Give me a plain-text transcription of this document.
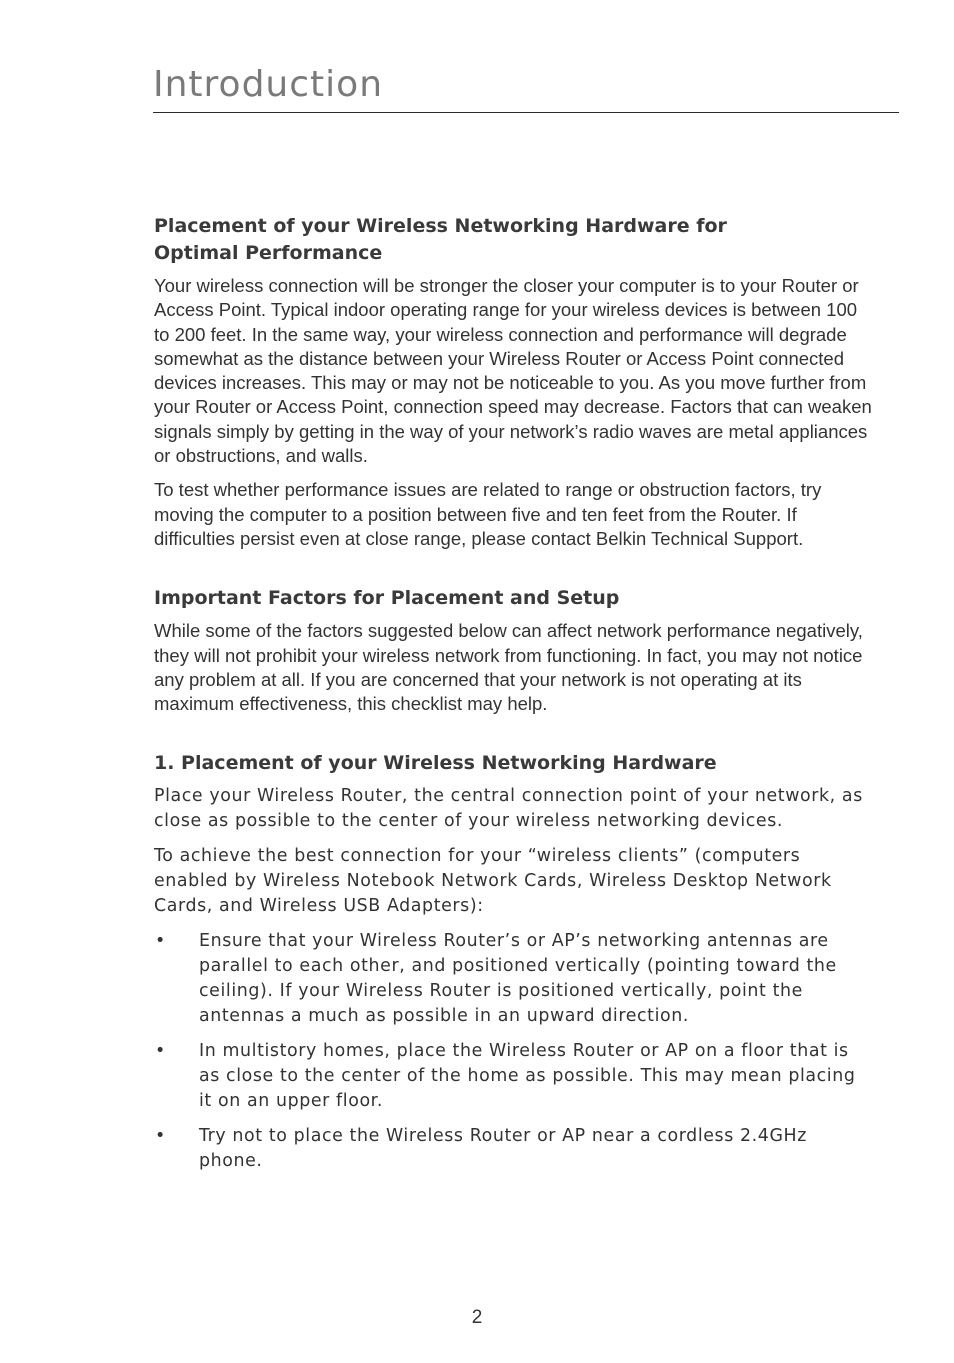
Introduction
Placement of your Wireless Networking Hardware for
Optimal Performance

Your wireless connection will be stronger the closer your computer is to your Router or Access Point. Typical indoor operating range for your wireless devices is between 100 to 200 feet. In the same way, your wireless connection and performance will degrade somewhat as the distance between your Wireless Router or Access Point connected devices increases. This may or may not be noticeable to you. As you move further from your Router or Access Point, connection speed may decrease. Factors that can weaken signals simply by getting in the way of your network’s radio waves are metal appliances or obstructions, and walls.

To test whether performance issues are related to range or obstruction factors, try moving the computer to a position between five and ten feet from the Router. If difficulties persist even at close range, please contact Belkin Technical Support.

Important Factors for Placement and Setup

While some of the factors suggested below can affect network performance negatively, they will not prohibit your wireless network from functioning. In fact, you may not notice any problem at all. If you are concerned that your network is not operating at its maximum effectiveness, this checklist may help.

1. Placement of your Wireless Networking Hardware

Place your Wireless Router, the central connection point of your network, as close as possible to the center of your wireless networking devices.

To achieve the best connection for your “wireless clients” (computers enabled by Wireless Notebook Network Cards, Wireless Desktop Network Cards, and Wireless USB Adapters):

• Ensure that your Wireless Router’s or AP’s networking antennas are parallel to each other, and positioned vertically (pointing toward the ceiling). If your Wireless Router is positioned vertically, point the antennas a much as possible in an upward direction.
• In multistory homes, place the Wireless Router or AP on a floor that is as close to the center of the home as possible. This may mean placing it on an upper floor.
• Try not to place the Wireless Router or AP near a cordless 2.4GHz phone.
2
